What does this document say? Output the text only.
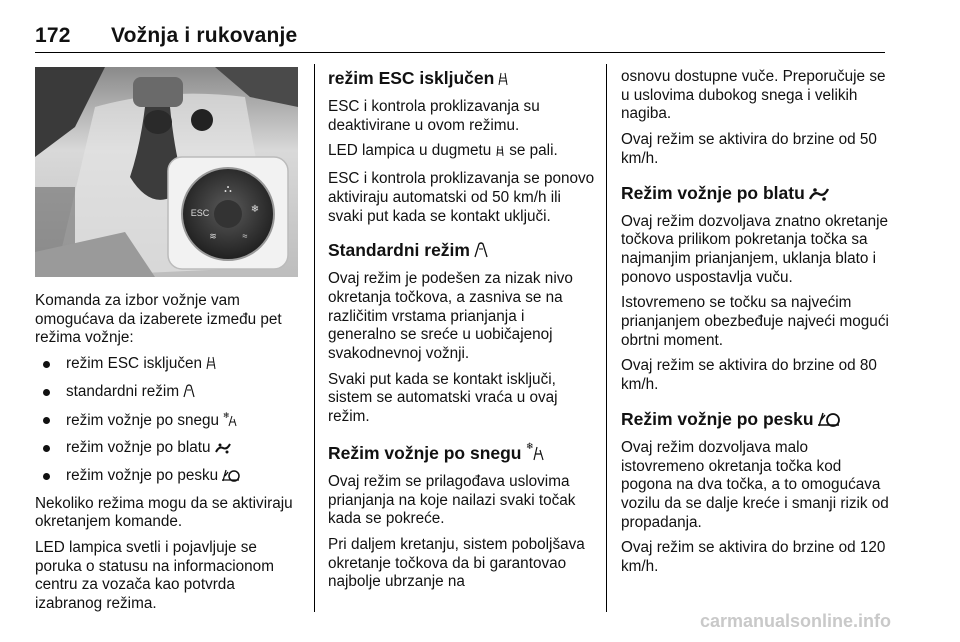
172 Vožnja i rukovanje
⛬
ESC	❄
≋	≈

Komanda za izbor vožnje vam omogućava da izaberete između pet režima vožnje:

režim ESC isključen
standardni režim
režim vožnje po snegu ❄
režim vožnje po blatu
režim vožnje po pesku

Nekoliko režima mogu da se aktiviraju okretanjem komande.

LED lampica svetli i pojavljuje se poruka o statusu na informacionom centru za vozača kao potvrda izabranog režima.

režim ESC isključen

ESC i kontrola proklizavanja su deaktivirane u ovom režimu.

LED lampica u dugmetu se pali.

ESC i kontrola proklizavanja se ponovo aktiviraju automatski od 50 km/h ili svaki put kada se kontakt uključi.

Standardni režim

Ovaj režim je podešen za nizak nivo okretanja točkova, a zasniva se na različitim vrstama prianjanja i generalno se sreće u uobičajenoj svakodnevnoj vožnji.

Svaki put kada se kontakt isključi, sistem se automatski vraća u ovaj režim.

Režim vožnje po snegu ❄

Ovaj režim se prilagođava uslovima prianjanja na koje nailazi svaki točak kada se pokreće.

Pri daljem kretanju, sistem poboljšava okretanje točkova da bi garantovao najbolje ubrzanje na

osnovu dostupne vuče. Preporučuje se u uslovima dubokog snega i velikih nagiba.

Ovaj režim se aktivira do brzine od 50 km/h.

Režim vožnje po blatu

Ovaj režim dozvoljava znatno okretanje točkova prilikom pokretanja točka sa najmanjim prianjanjem, uklanja blato i ponovo uspostavlja vuču.

Istovremeno se točku sa najvećim prianjanjem obezbeđuje najveći mogući obrtni moment.

Ovaj režim se aktivira do brzine od 80 km/h.

Režim vožnje po pesku

Ovaj režim dozvoljava malo istovremeno okretanja točka kod pogona na dva točka, a to omogućava vozilu da se dalje kreće i smanji rizik od propadanja.

Ovaj režim se aktivira do brzine od 120 km/h.

carmanualsonline.info
